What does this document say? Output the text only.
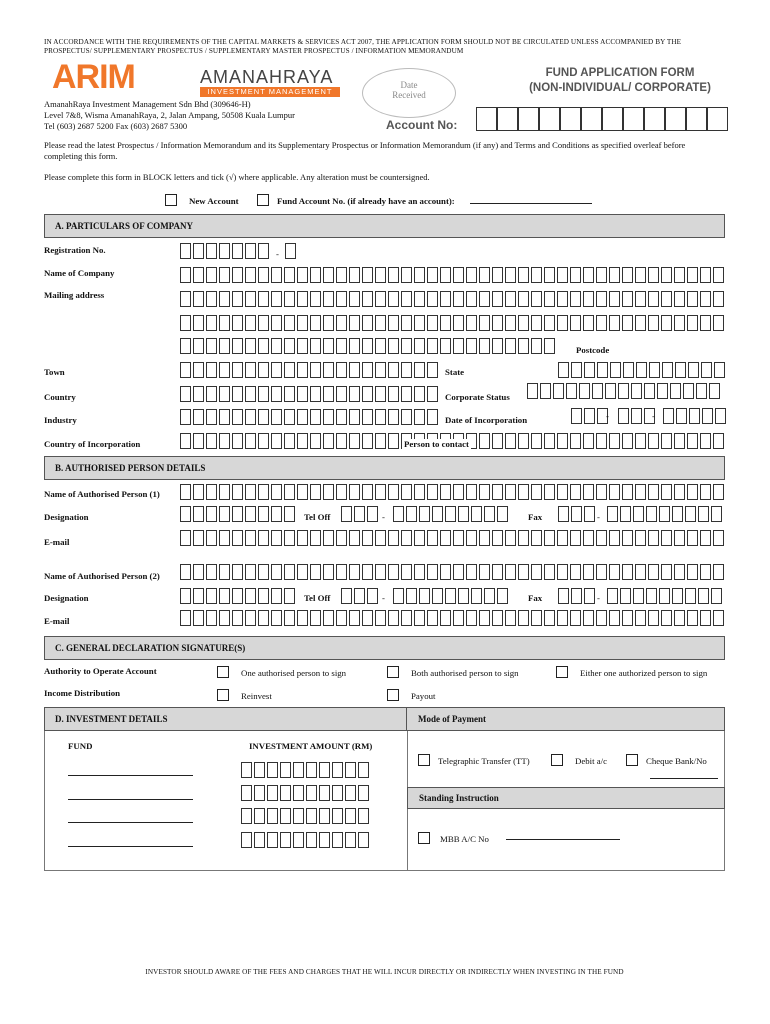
IN ACCORDANCE WITH THE REQUIREMENTS OF THE CAPITAL MARKETS & SERVICES ACT 2007, THE APPLICATION FORM SHOULD NOT BE CIRCULATED UNLESS ACCOMPANIED BY THE PROSPECTUS/ SUPPLEMENTARY PROSPECTUS / SUPPLEMENTARY MASTER PROSPECTUS / INFORMATION MEMORANDUM
ARIM	AMANAHRAYA
INVESTMENT MANAGEMENT
AmanahRaya Investment Management Sdn Bhd (309646-H)
Level 7&8, Wisma AmanahRaya, 2, Jalan Ampang, 50508 Kuala Lumpur
Tel (603) 2687 5200 Fax (603) 2687 5300
Date
Received
FUND APPLICATION FORM
(NON-INDIVIDUAL/ CORPORATE)
Account No:
Please read the latest Prospectus / Information Memorandum and its Supplementary Prospectus or Information Memorandum (if any) and Terms and Conditions as specified overleaf before completing this form.
Please complete this form in BLOCK letters and tick (√) where applicable. Any alteration must be countersigned.
New Account	Fund Account No. (if already have an account):
A. PARTICULARS OF COMPANY
Registration No.	-
Name of Company
Mailing address
Postcode
Town	State
Country	Corporate Status
Industry	Date of Incorporation	-	-
Country of Incorporation	Person to contact
B. AUTHORISED PERSON DETAILS
Name of Authorised Person (1)
Designation	Tel Off	-	Fax	-
E-mail
Name of Authorised Person (2)
Designation	Tel Off	-	Fax	-
E-mail
C. GENERAL DECLARATION SIGNATURE(S)
Authority to Operate Account	One authorised person to sign	Both authorised person to sign	Either one authorized person to sign
Income Distribution	Reinvest	Payout
D. INVESTMENT DETAILS	Mode of Payment
FUND	INVESTMENT AMOUNT (RM)
Telegraphic Transfer (TT)	Debit a/c	Cheque Bank/No
Standing Instruction
MBB A/C No
INVESTOR SHOULD AWARE OF THE FEES AND CHARGES THAT HE WILL INCUR DIRECTLY OR INDIRECTLY WHEN INVESTING IN THE FUND
